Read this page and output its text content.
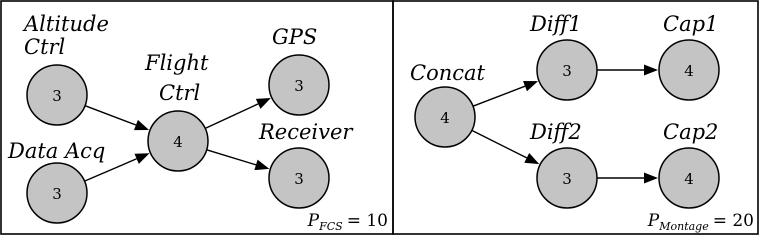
3
3
4
3
3
4
3
3
4
4
Altitude
Ctrl
Data Acq
Flight
Ctrl
GPS
Receiver
Concat
Diff1
Diff2
Cap1
Cap2
$P_{FCS} = 10$	$P_{Montage} = 20$
